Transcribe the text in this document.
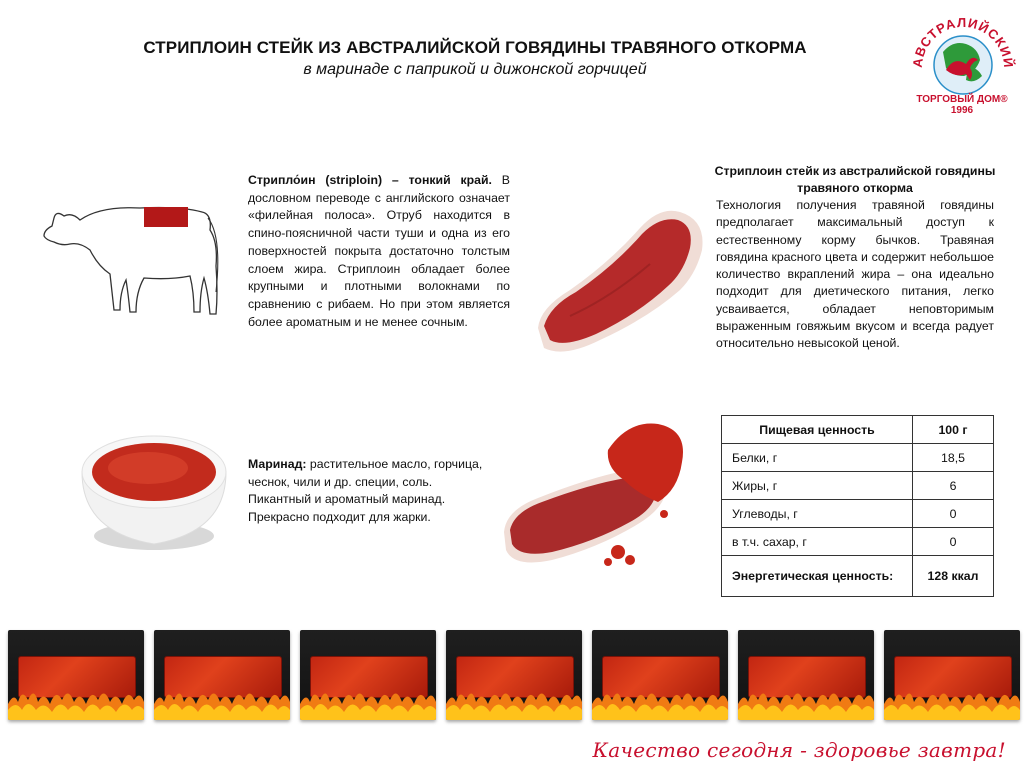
СТРИПЛОИН СТЕЙК ИЗ АВСТРАЛИЙСКОЙ ГОВЯДИНЫ ТРАВЯНОГО ОТКОРМА
в маринаде с паприкой и дижонской горчицей	АВСТРАЛИЙСКИЙ
ТОРГОВЫЙ ДОМ®
1996
Стрипло́ин (striploin) – тонкий край. В дословном переводе с английского означает «филейная полоса». Отруб находится в спино-поясничной части туши и одна из его поверхностей покрыта достаточно толстым слоем жира. Стриплоин обладает более крупными и плотными волокнами по сравнению с рибаем. Но при этом является более ароматным и не менее сочным.
Маринад: растительное масло, горчица, чеснок, чили и др. специи, соль. Пикантный и ароматный маринад. Прекрасно подходит для жарки.
Стриплоин стейк из австралийской говядины травяного откорма
Технология получения травяной говядины предполагает максимальный доступ к естественному корму бычков. Травяная говядина красного цвета и содержит небольшое количество вкраплений жира – она идеально подходит для диетического питания, легко усваивается, обладает неповторимым выраженным говяжьим вкусом и всегда радует относительно невысокой ценой.
Пищевая ценность	100 г
Белки, г	18,5
Жиры, г	6
Углеводы, г	0
в т.ч. сахар, г	0
Энергетическая ценность:	128 ккал
Качество сегодня - здоровье завтра!
